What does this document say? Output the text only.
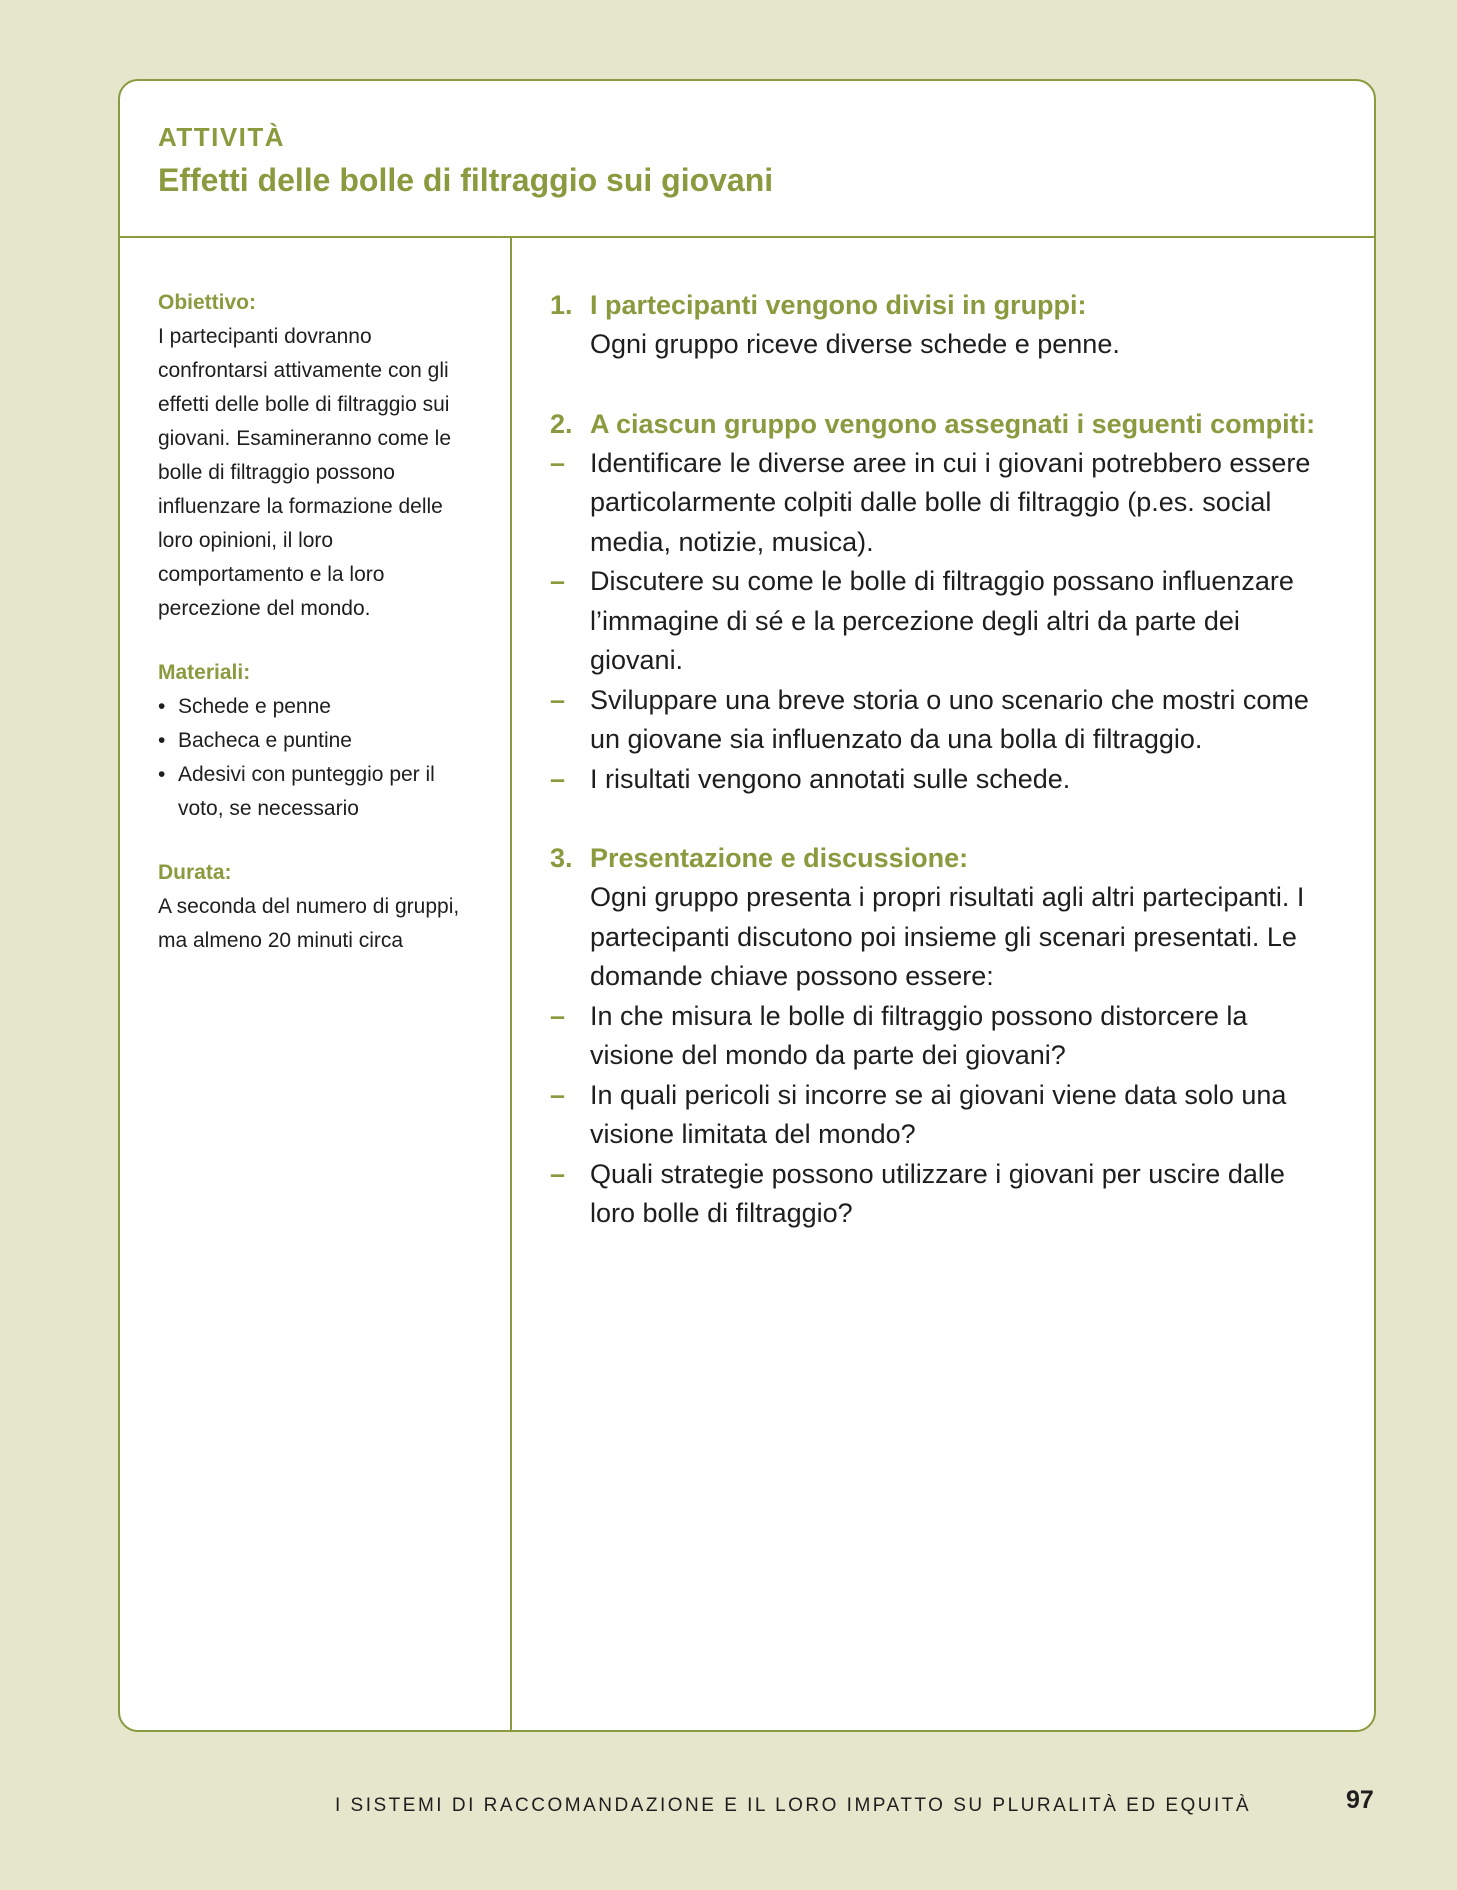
ATTIVITÀ

Effetti delle bolle di filtraggio sui giovani

Obiettivo:

I partecipanti dovranno confrontarsi attivamente con gli effetti delle bolle di filtraggio sui giovani. Esamineranno come le bolle di filtraggio possono influenzare la formazione delle loro opinioni, il loro comportamento e la loro percezione del mondo.

Materiali:

• Schede e penne
• Bacheca e puntine
• Adesivi con punteggio per il voto, se necessario

Durata:

A seconda del numero di gruppi, ma almeno 20 minuti circa

1. I partecipanti vengono divisi in gruppi:
Ogni gruppo riceve diverse schede e penne.
2. A ciascun gruppo vengono assegnati i seguenti compiti:
– Identificare le diverse aree in cui i giovani potrebbero essere particolarmente colpiti dalle bolle di filtraggio (p.es. social media, notizie, musica).
– Discutere su come le bolle di filtraggio possano influenzare l’immagine di sé e la percezione degli altri da parte dei giovani.
– Sviluppare una breve storia o uno scenario che mostri come un giovane sia influenzato da una bolla di filtraggio.
– I risultati vengono annotati sulle schede.
3. Presentazione e discussione:
Ogni gruppo presenta i propri risultati agli altri partecipanti. I partecipanti discutono poi insieme gli scenari presentati. Le domande chiave possono essere:
– In che misura le bolle di filtraggio possono distorcere la visione del mondo da parte dei giovani?
– In quali pericoli si incorre se ai giovani viene data solo una visione limitata del mondo?
– Quali strategie possono utilizzare i giovani per uscire dalle loro bolle di filtraggio?
I SISTEMI DI RACCOMANDAZIONE E IL LORO IMPATTO SU PLURALITÀ ED EQUITÀ	97
